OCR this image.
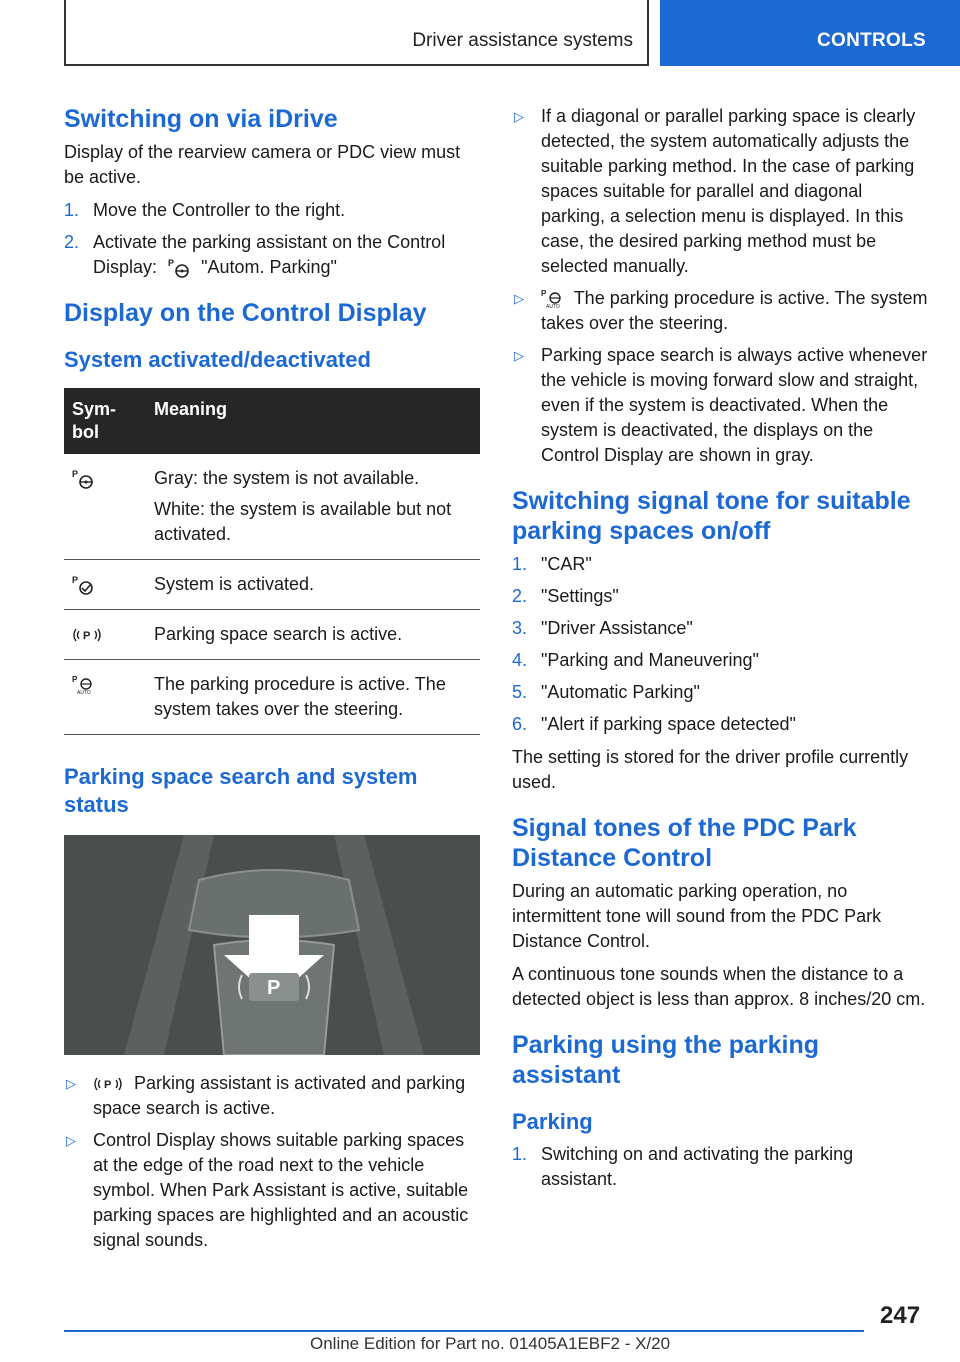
Driver assistance systems	CONTROLS
Switching on via iDrive

Display of the rearview camera or PDC view must be active.

1. Move the Controller to the right.
2. Activate the parking assistant on the Control Display: P "Autom. Parking"
Display on the Control Display
System activated/deactivated
Sym-
bol	Meaning

P	Gray: the system is not available.

White: the system is available but not activated.

P	System is activated.

P	Parking space search is active.

P
AUTO	The parking procedure is active. The system takes over the steering.

Parking space search and system status
P
▷	P Parking assistant is activated and parking space search is active.
▷ Control Display shows suitable parking spaces at the edge of the road next to the vehicle symbol. When Park Assistant is active, suitable parking spaces are highlighted and an acoustic signal sounds.
▷ If a diagonal or parallel parking space is clearly detected, the system automatically adjusts the suitable parking method. In the case of parking spaces suitable for parallel and diagonal parking, a selection menu is displayed. In this case, the desired parking method must be selected manually.
▷ P
AUTO The parking procedure is active. The system takes over the steering.
▷ Parking space search is always active whenever the vehicle is moving forward slow and straight, even if the system is deactivated. When the system is deactivated, the displays on the Control Display are shown in gray.
Switching signal tone for suitable parking spaces on/off
1. "CAR"
2. "Settings"
3. "Driver Assistance"
4. "Parking and Maneuvering"
5. "Automatic Parking"
6. "Alert if parking space detected"

The setting is stored for the driver profile currently used.

Signal tones of the PDC Park Distance Control

During an automatic parking operation, no intermittent tone will sound from the PDC Park Distance Control.

A continuous tone sounds when the distance to a detected object is less than approx. 8 inches/20 cm.

Parking using the parking assistant
Parking
1. Switching on and activating the parking assistant.
247
Online Edition for Part no. 01405A1EBF2 - X/20
